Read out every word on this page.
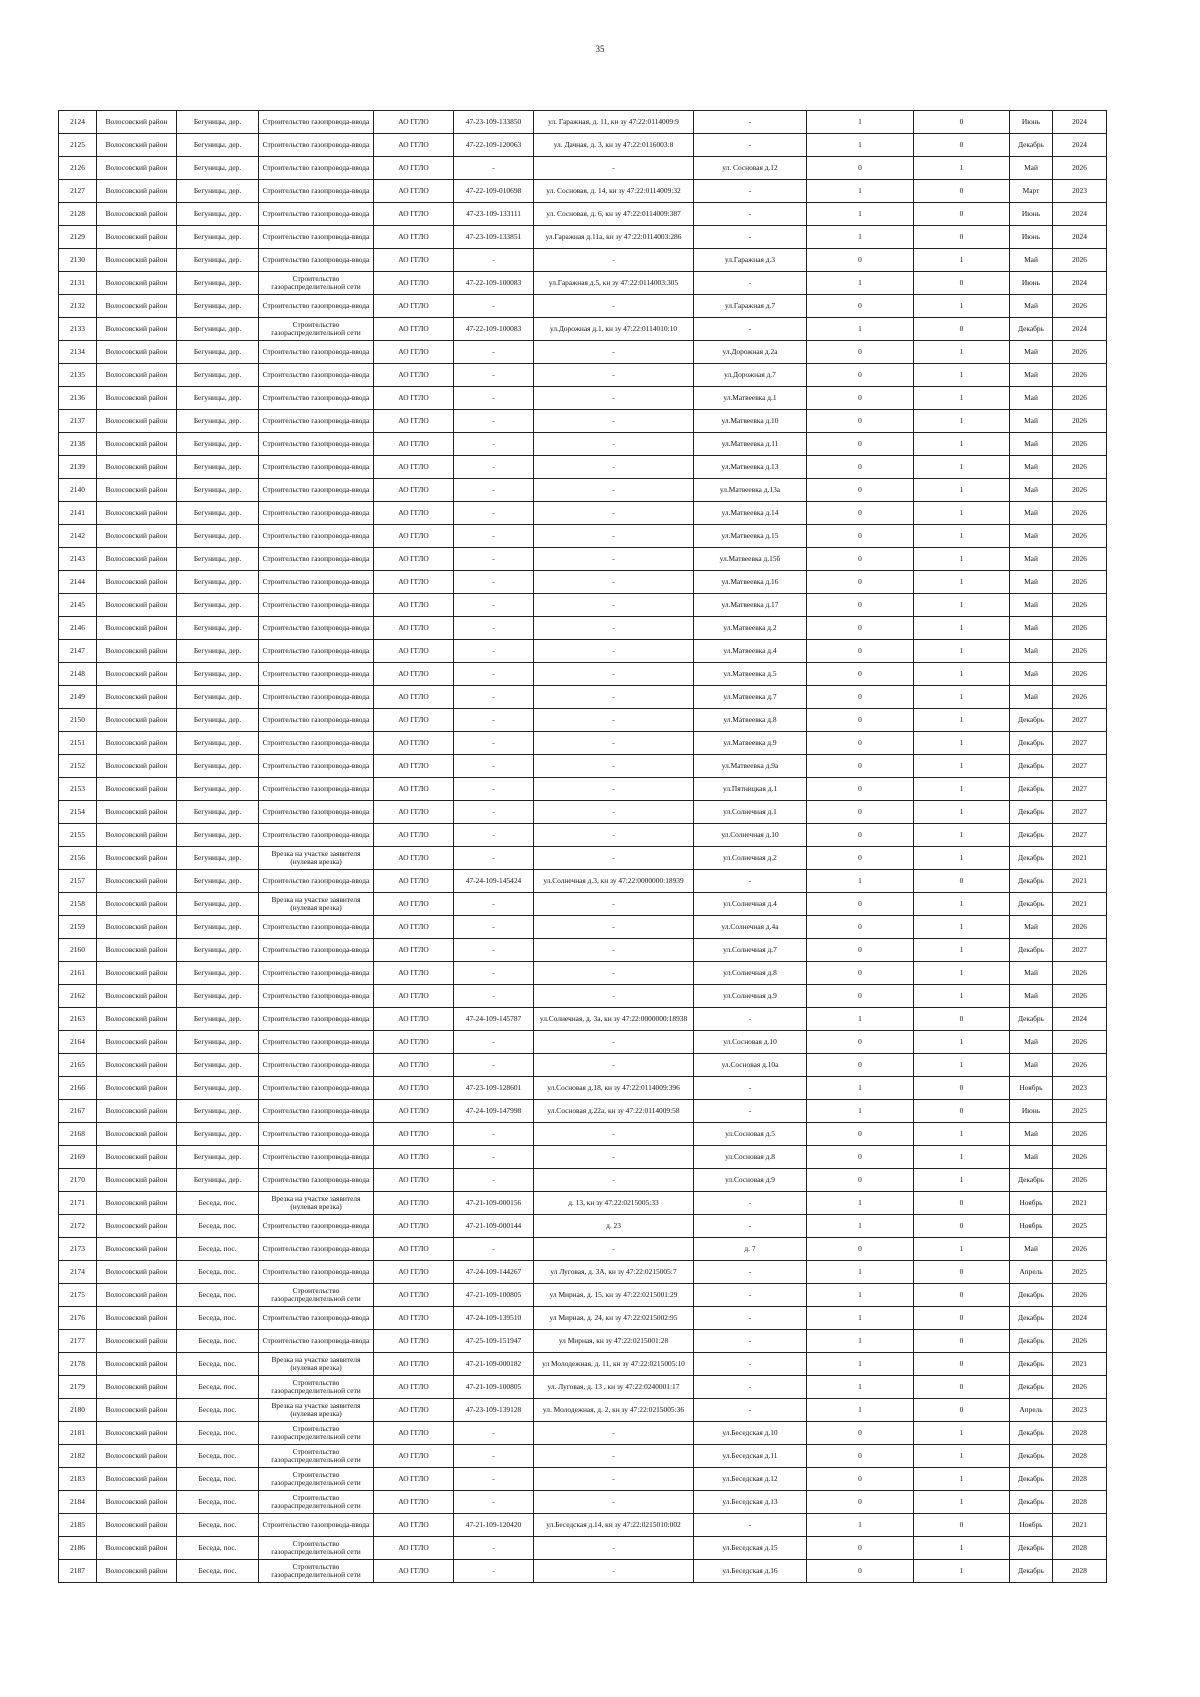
35
2124	Волосовский район	Бегуницы, дер.	Строительство газопровода-ввода	АО ГГЛО	47-23-109-133850	ул. Гаражная, д. 11, кн зу 47:22:0114009:9	-	1	0	Июнь	2024
2125	Волосовский район	Бегуницы, дер.	Строительство газопровода-ввода	АО ГГЛО	47-22-109-120063	ул. Дачная, д. 3, кн зу 47:22:0116003:8	-	1	0	Декабрь	2024
2126	Волосовский район	Бегуницы, дер.	Строительство газопровода-ввода	АО ГГЛО	-	-	ул. Сосновая д.12	0	1	Май	2026
2127	Волосовский район	Бегуницы, дер.	Строительство газопровода-ввода	АО ГГЛО	47-22-109-010698	ул. Сосновая, д. 14, кн зу 47:22:0114009:32	-	1	0	Март	2023
2128	Волосовский район	Бегуницы, дер.	Строительство газопровода-ввода	АО ГГЛО	47-23-109-133111	ул. Сосновая, д. 6, кн зу 47:22:0114009:387	-	1	0	Июнь	2024
2129	Волосовский район	Бегуницы, дер.	Строительство газопровода-ввода	АО ГГЛО	47-23-109-133851	ул.Гаражная д.11а, кн зу 47:22:0114003:286	-	1	0	Июнь	2024
2130	Волосовский район	Бегуницы, дер.	Строительство газопровода-ввода	АО ГГЛО	-	-	ул.Гаражная д.3	0	1	Май	2026
2131	Волосовский район	Бегуницы, дер.	Строительство газораспределительной сети	АО ГГЛО	47-22-109-100083	ул.Гаражная д.5, кн зу 47:22:0114003:305	-	1	0	Июнь	2024
2132	Волосовский район	Бегуницы, дер.	Строительство газопровода-ввода	АО ГГЛО	-	-	ул.Гаражная д.7	0	1	Май	2026
2133	Волосовский район	Бегуницы, дер.	Строительство газораспределительной сети	АО ГГЛО	47-22-109-100083	ул.Дорожная д.1, кн зу 47:22:0114010:10	-	1	0	Декабрь	2024
2134	Волосовский район	Бегуницы, дер.	Строительство газопровода-ввода	АО ГГЛО	-	-	ул.Дорожная д.2а	0	1	Май	2026
2135	Волосовский район	Бегуницы, дер.	Строительство газопровода-ввода	АО ГГЛО	-	-	ул.Дорожная д.7	0	1	Май	2026
2136	Волосовский район	Бегуницы, дер.	Строительство газопровода-ввода	АО ГГЛО	-	-	ул.Матвеевка д.1	0	1	Май	2026
2137	Волосовский район	Бегуницы, дер.	Строительство газопровода-ввода	АО ГГЛО	-	-	ул.Матвеевка д.10	0	1	Май	2026
2138	Волосовский район	Бегуницы, дер.	Строительство газопровода-ввода	АО ГГЛО	-	-	ул.Матвеевка д.11	0	1	Май	2026
2139	Волосовский район	Бегуницы, дер.	Строительство газопровода-ввода	АО ГГЛО	-	-	ул.Матвеевка д.13	0	1	Май	2026
2140	Волосовский район	Бегуницы, дер.	Строительство газопровода-ввода	АО ГГЛО	-	-	ул.Матвеевка д.13а	0	1	Май	2026
2141	Волосовский район	Бегуницы, дер.	Строительство газопровода-ввода	АО ГГЛО	-	-	ул.Матвеевка д.14	0	1	Май	2026
2142	Волосовский район	Бегуницы, дер.	Строительство газопровода-ввода	АО ГГЛО	-	-	ул.Матвеевка д.15	0	1	Май	2026
2143	Волосовский район	Бегуницы, дер.	Строительство газопровода-ввода	АО ГГЛО	-	-	ул.Матвеевка д.15б	0	1	Май	2026
2144	Волосовский район	Бегуницы, дер.	Строительство газопровода-ввода	АО ГГЛО	-	-	ул.Матвеевка д.16	0	1	Май	2026
2145	Волосовский район	Бегуницы, дер.	Строительство газопровода-ввода	АО ГГЛО	-	-	ул.Матвеевка д.17	0	1	Май	2026
2146	Волосовский район	Бегуницы, дер.	Строительство газопровода-ввода	АО ГГЛО	-	-	ул.Матвеевка д.2	0	1	Май	2026
2147	Волосовский район	Бегуницы, дер.	Строительство газопровода-ввода	АО ГГЛО	-	-	ул.Матвеевка д.4	0	1	Май	2026
2148	Волосовский район	Бегуницы, дер.	Строительство газопровода-ввода	АО ГГЛО	-	-	ул.Матвеевка д.5	0	1	Май	2026
2149	Волосовский район	Бегуницы, дер.	Строительство газопровода-ввода	АО ГГЛО	-	-	ул.Матвеевка д.7	0	1	Май	2026
2150	Волосовский район	Бегуницы, дер.	Строительство газопровода-ввода	АО ГГЛО	-	-	ул.Матвеевка д.8	0	1	Декабрь	2027
2151	Волосовский район	Бегуницы, дер.	Строительство газопровода-ввода	АО ГГЛО	-	-	ул.Матвеевка д.9	0	1	Декабрь	2027
2152	Волосовский район	Бегуницы, дер.	Строительство газопровода-ввода	АО ГГЛО	-	-	ул.Матвеевка д.9а	0	1	Декабрь	2027
2153	Волосовский район	Бегуницы, дер.	Строительство газопровода-ввода	АО ГГЛО	-	-	ул.Пятницкая д.1	0	1	Декабрь	2027
2154	Волосовский район	Бегуницы, дер.	Строительство газопровода-ввода	АО ГГЛО	-	-	ул.Солнечная д.1	0	1	Декабрь	2027
2155	Волосовский район	Бегуницы, дер.	Строительство газопровода-ввода	АО ГГЛО	-	-	ул.Солнечная д.10	0	1	Декабрь	2027
2156	Волосовский район	Бегуницы, дер.	Врезка на участке заявителя (нулевая врезка)	АО ГГЛО	-	-	ул.Солнечная д.2	0	1	Декабрь	2021
2157	Волосовский район	Бегуницы, дер.	Строительство газопровода-ввода	АО ГГЛО	47-24-109-145424	ул.Солнечная д.3, кн зу 47:22:0000000:18939	-	1	0	Декабрь	2021
2158	Волосовский район	Бегуницы, дер.	Врезка на участке заявителя (нулевая врезка)	АО ГГЛО	-	-	ул.Солнечная д.4	0	1	Декабрь	2021
2159	Волосовский район	Бегуницы, дер.	Строительство газопровода-ввода	АО ГГЛО	-	-	ул.Солнечная д.4а	0	1	Май	2026
2160	Волосовский район	Бегуницы, дер.	Строительство газопровода-ввода	АО ГГЛО	-	-	ул.Солнечная д.7	0	1	Декабрь	2027
2161	Волосовский район	Бегуницы, дер.	Строительство газопровода-ввода	АО ГГЛО	-	-	ул.Солнечная д.8	0	1	Май	2026
2162	Волосовский район	Бегуницы, дер.	Строительство газопровода-ввода	АО ГГЛО	-	-	ул.Солнечная д.9	0	1	Май	2026
2163	Волосовский район	Бегуницы, дер.	Строительство газопровода-ввода	АО ГГЛО	47-24-109-145787	ул.Солнечная, д. 3а, кн зу 47:22:0000000:18938	-	1	0	Декабрь	2024
2164	Волосовский район	Бегуницы, дер.	Строительство газопровода-ввода	АО ГГЛО	-	-	ул.Сосновая д.10	0	1	Май	2026
2165	Волосовский район	Бегуницы, дер.	Строительство газопровода-ввода	АО ГГЛО	-	-	ул.Сосновая д.10а	0	1	Май	2026
2166	Волосовский район	Бегуницы, дер.	Строительство газопровода-ввода	АО ГГЛО	47-23-109-128601	ул.Сосновая д.18, кн зу 47:22:0114009:396	-	1	0	Ноябрь	2023
2167	Волосовский район	Бегуницы, дер.	Строительство газопровода-ввода	АО ГГЛО	47-24-109-147998	ул.Сосновая д.22а, кн зу 47:22:0114009:58	-	1	0	Июнь	2025
2168	Волосовский район	Бегуницы, дер.	Строительство газопровода-ввода	АО ГГЛО	-	-	ул.Сосновая д.5	0	1	Май	2026
2169	Волосовский район	Бегуницы, дер.	Строительство газопровода-ввода	АО ГГЛО	-	-	ул.Сосновая д.8	0	1	Май	2026
2170	Волосовский район	Бегуницы, дер.	Строительство газопровода-ввода	АО ГГЛО	-	-	ул.Сосновая д.9	0	1	Декабрь	2026
2171	Волосовский район	Беседа, пос.	Врезка на участке заявителя (нулевая врезка)	АО ГГЛО	47-21-109-000156	д. 13, кн зу 47:22:0215005:33	-	1	0	Ноябрь	2021
2172	Волосовский район	Беседа, пос.	Строительство газопровода-ввода	АО ГГЛО	47-21-109-000144	д. 23	-	1	0	Ноябрь	2025
2173	Волосовский район	Беседа, пос.	Строительство газопровода-ввода	АО ГГЛО	-	-	д. 7	0	1	Май	2026
2174	Волосовский район	Беседа, пос.	Строительство газопровода-ввода	АО ГГЛО	47-24-109-144267	ул Луговая, д. 3А, кн зу 47:22:0215005:7	-	1	0	Апрель	2025
2175	Волосовский район	Беседа, пос.	Строительство газораспределительной сети	АО ГГЛО	47-21-109-100805	ул Мирная, д. 15, кн зу 47:22:0215001:29	-	1	0	Декабрь	2026
2176	Волосовский район	Беседа, пос.	Строительство газопровода-ввода	АО ГГЛО	47-24-109-139510	ул Мирная, д. 24, кн зу 47:22:0215002:95	-	1	0	Декабрь	2024
2177	Волосовский район	Беседа, пос.	Строительство газопровода-ввода	АО ГГЛО	47-25-109-151947	ул Мирная, кн зу 47:22:0215001:28	-	1	0	Декабрь	2026
2178	Волосовский район	Беседа, пос.	Врезка на участке заявителя (нулевая врезка)	АО ГГЛО	47-21-109-000182	ул Молодежная, д. 11, кн зу 47:22:0215005:10	-	1	0	Декабрь	2021
2179	Волосовский район	Беседа, пос.	Строительство газораспределительной сети	АО ГГЛО	47-21-109-100805	ул. Луговая, д. 13 , кн зу 47:22:0240001:17	-	1	0	Декабрь	2026
2180	Волосовский район	Беседа, пос.	Врезка на участке заявителя (нулевая врезка)	АО ГГЛО	47-23-109-139128	ул. Молодежная, д. 2, кн зу 47:22:0215005:36	-	1	0	Апрель	2023
2181	Волосовский район	Беседа, пос.	Строительство газораспределительной сети	АО ГГЛО	-	-	ул.Беседская д.10	0	1	Декабрь	2028
2182	Волосовский район	Беседа, пос.	Строительство газораспределительной сети	АО ГГЛО	-	-	ул.Беседская д.11	0	1	Декабрь	2028
2183	Волосовский район	Беседа, пос.	Строительство газораспределительной сети	АО ГГЛО	-	-	ул.Беседская д.12	0	1	Декабрь	2028
2184	Волосовский район	Беседа, пос.	Строительство газораспределительной сети	АО ГГЛО	-	-	ул.Беседская д.13	0	1	Декабрь	2028
2185	Волосовский район	Беседа, пос.	Строительство газопровода-ввода	АО ГГЛО	47-21-109-120420	ул.Беседская д.14, кн зу 47:22:0215010:002	-	1	0	Ноябрь	2021
2186	Волосовский район	Беседа, пос.	Строительство газораспределительной сети	АО ГГЛО	-	-	ул.Беседская д.15	0	1	Декабрь	2028
2187	Волосовский район	Беседа, пос.	Строительство газораспределительной сети	АО ГГЛО	-	-	ул.Беседская д.16	0	1	Декабрь	2028
